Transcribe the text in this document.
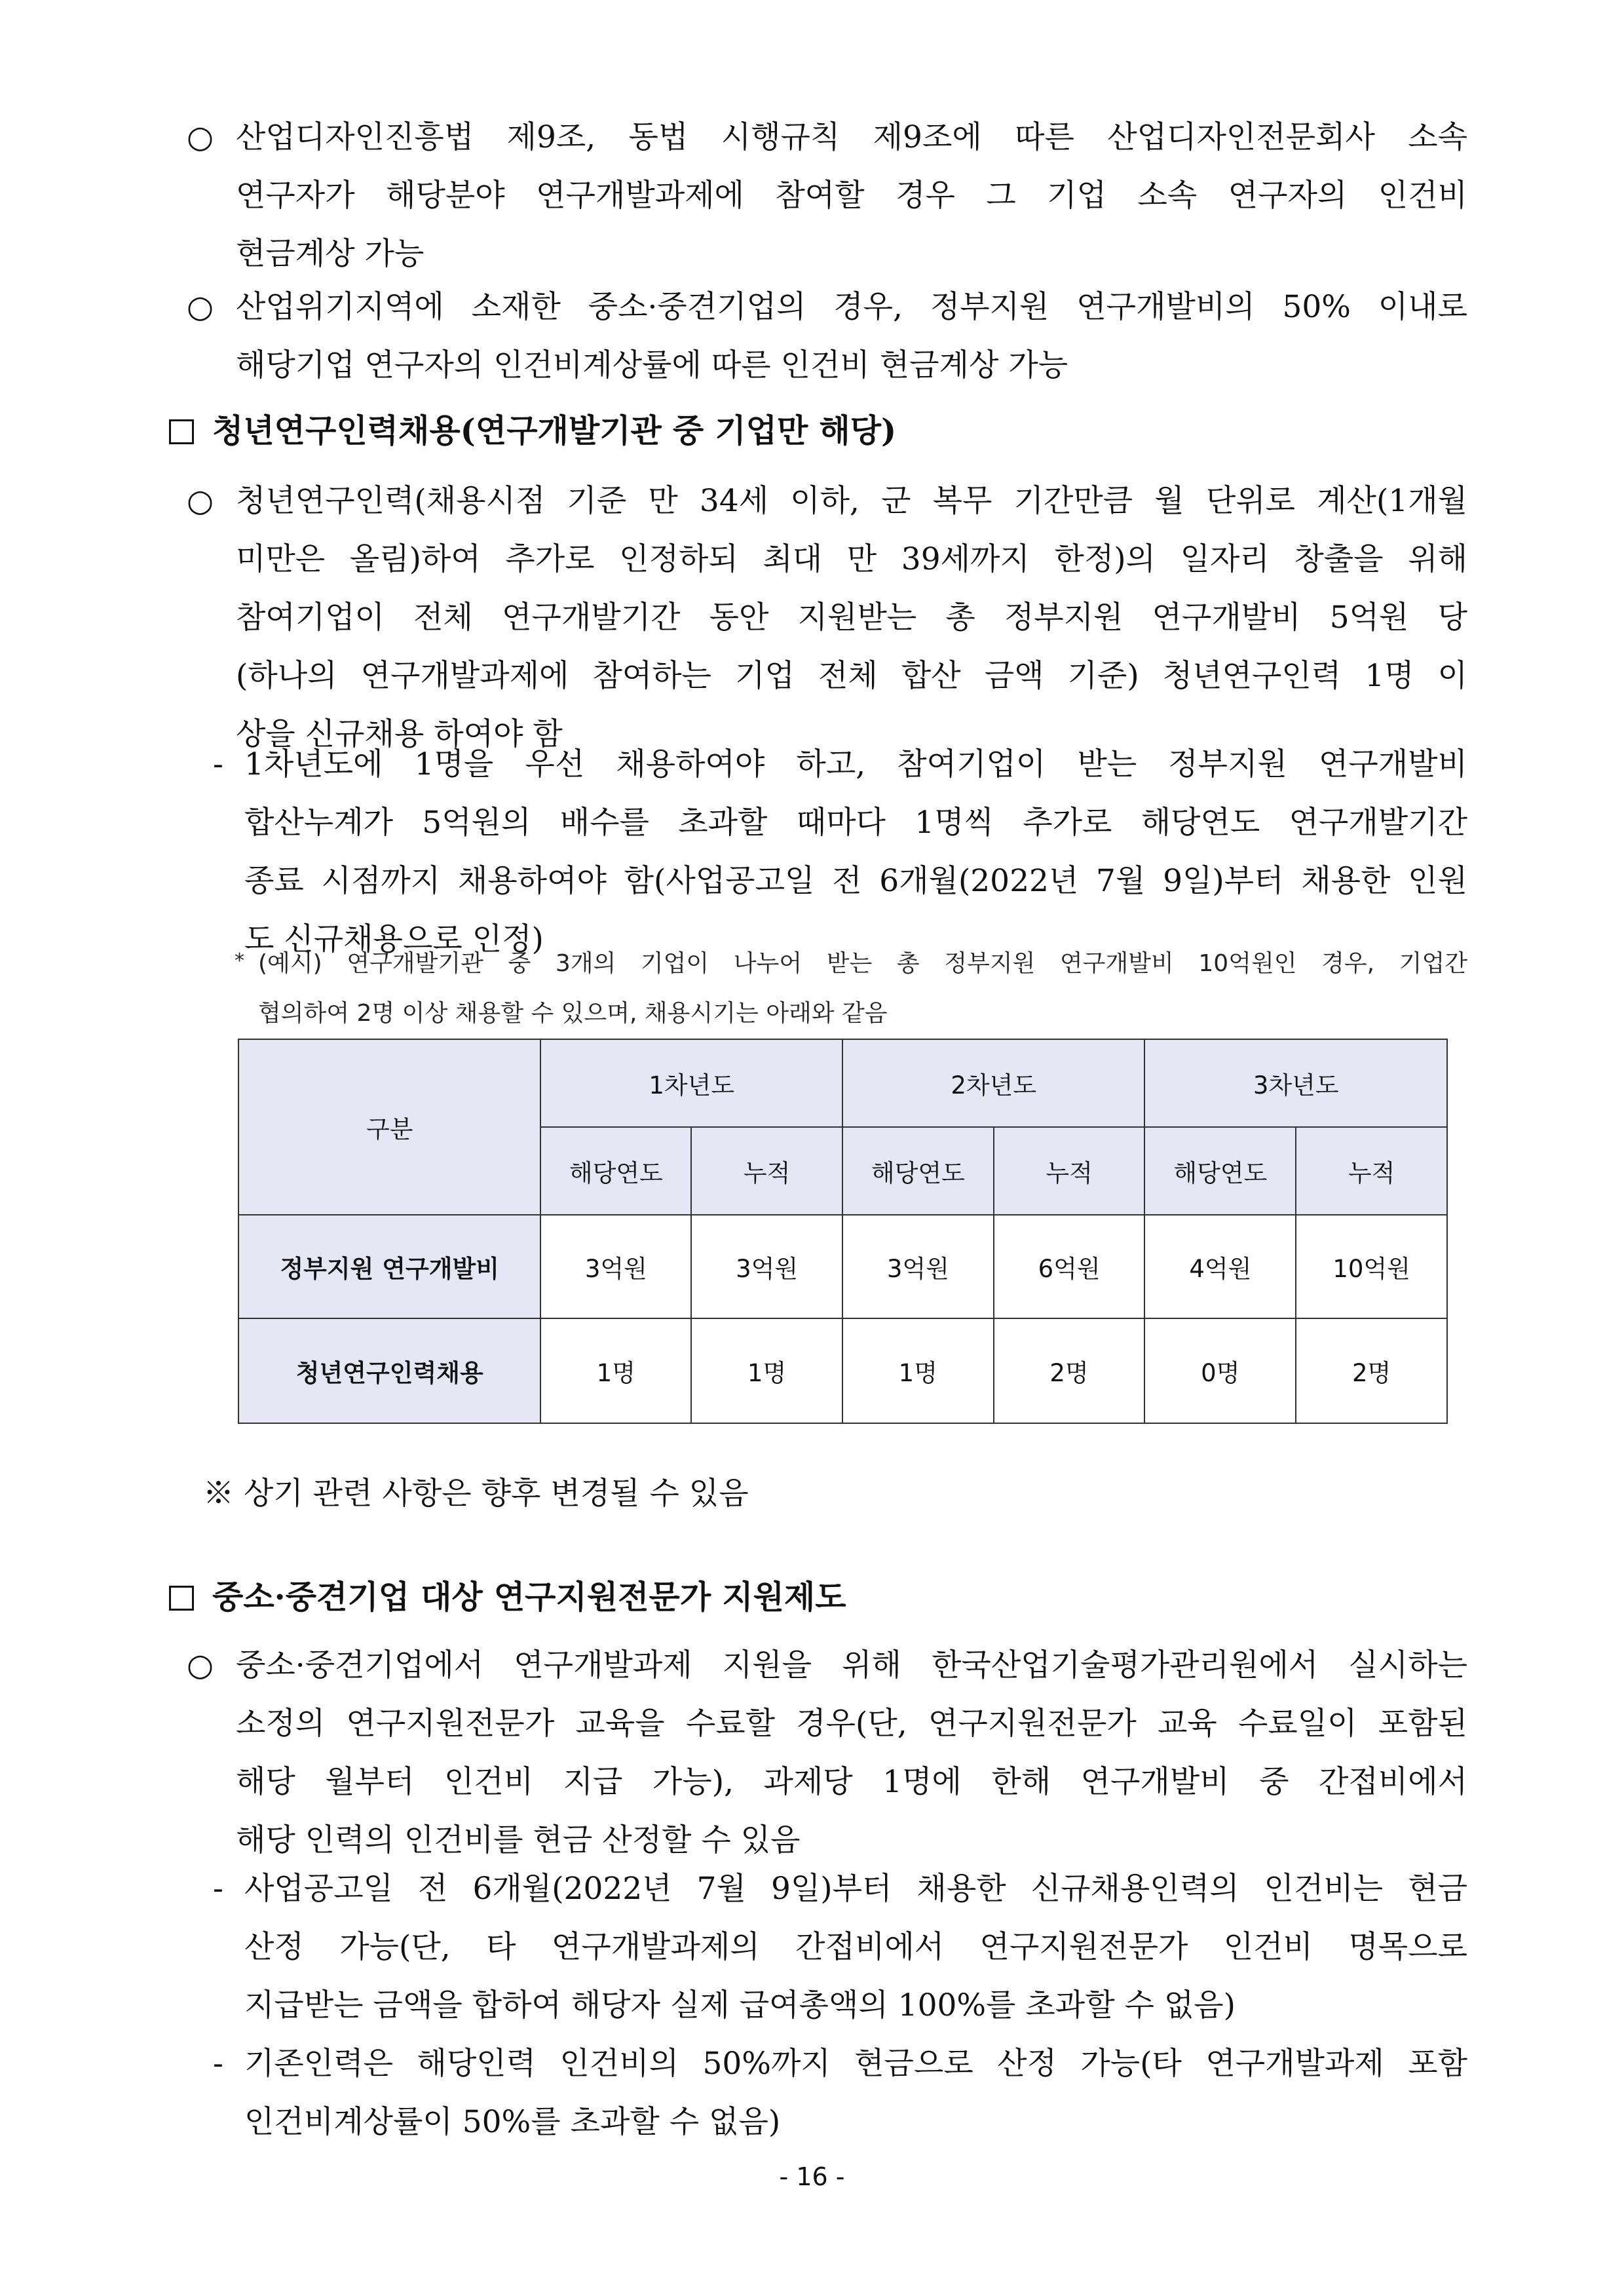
○ 산업디자인진흥법 제9조, 동법 시행규칙 제9조에 따른 산업디자인전문회사 소속
연구자가 해당분야 연구개발과제에 참여할 경우 그 기업 소속 연구자의 인건비
현금계상 가능
○ 산업위기지역에 소재한 중소·중견기업의 경우, 정부지원 연구개발비의 50% 이내로
해당기업 연구자의 인건비계상률에 따른 인건비 현금계상 가능
청년연구인력채용(연구개발기관 중 기업만 해당)
○ 청년연구인력(채용시점 기준 만 34세 이하, 군 복무 기간만큼 월 단위로 계산(1개월
미만은 올림)하여 추가로 인정하되 최대 만 39세까지 한정)의 일자리 창출을 위해
참여기업이 전체 연구개발기간 동안 지원받는 총 정부지원 연구개발비 5억원 당
(하나의 연구개발과제에 참여하는 기업 전체 합산 금액 기준) 청년연구인력 1명 이
상을 신규채용 하여야 함
- 1차년도에 1명을 우선 채용하여야 하고, 참여기업이 받는 정부지원 연구개발비
합산누계가 5억원의 배수를 초과할 때마다 1명씩 추가로 해당연도 연구개발기간
종료 시점까지 채용하여야 함(사업공고일 전 6개월(2022년 7월 9일)부터 채용한 인원
도 신규채용으로 인정)
* (예시) 연구개발기관 중 3개의 기업이 나누어 받는 총 정부지원 연구개발비 10억원인 경우, 기업간
협의하여 2명 이상 채용할 수 있으며, 채용시기는 아래와 같음
구분	1차년도		2차년도		3차년도	
	해당연도	누적	해당연도	누적	해당연도	누적
정부지원 연구개발비	3억원	3억원	3억원	6억원	4억원	10억원
청년연구인력채용	1명	1명	1명	2명	0명	2명
※ 상기 관련 사항은 향후 변경될 수 있음
중소·중견기업 대상 연구지원전문가 지원제도
○ 중소·중견기업에서 연구개발과제 지원을 위해 한국산업기술평가관리원에서 실시하는
소정의 연구지원전문가 교육을 수료할 경우(단, 연구지원전문가 교육 수료일이 포함된
해당 월부터 인건비 지급 가능), 과제당 1명에 한해 연구개발비 중 간접비에서
해당 인력의 인건비를 현금 산정할 수 있음
- 사업공고일 전 6개월(2022년 7월 9일)부터 채용한 신규채용인력의 인건비는 현금
산정 가능(단, 타 연구개발과제의 간접비에서 연구지원전문가 인건비 명목으로
지급받는 금액을 합하여 해당자 실제 급여총액의 100%를 초과할 수 없음)
- 기존인력은 해당인력 인건비의 50%까지 현금으로 산정 가능(타 연구개발과제 포함
인건비계상률이 50%를 초과할 수 없음)
- 16 -
